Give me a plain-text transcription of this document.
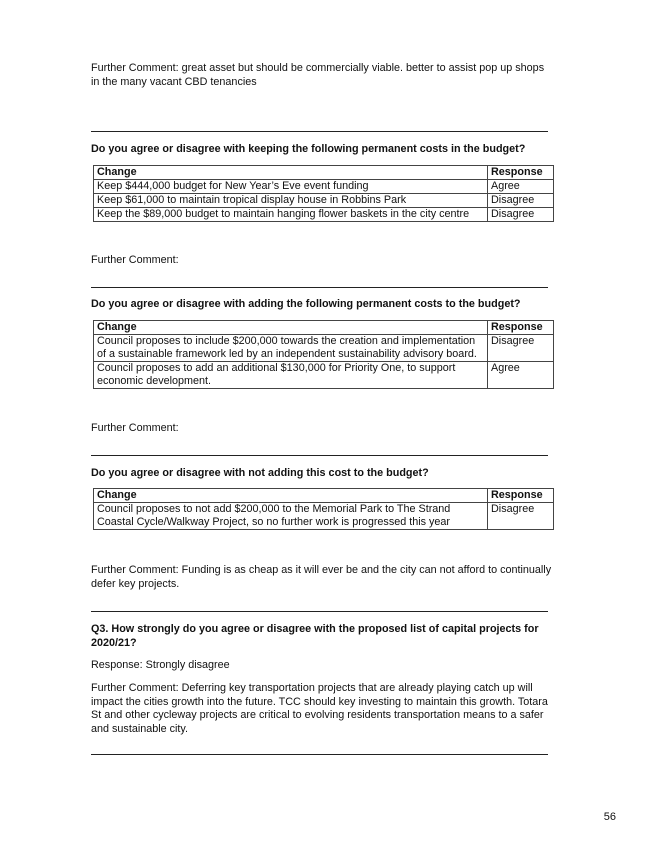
Further Comment: great asset but should be commercially viable. better to assist pop up shops in the many vacant CBD tenancies

Do you agree or disagree with keeping the following permanent costs in the budget?

Change	Response
Keep $444,000 budget for New Year’s Eve event funding	Agree
Keep $61,000 to maintain tropical display house in Robbins Park	Disagree
Keep the $89,000 budget to maintain hanging flower baskets in the city centre	Disagree

Further Comment:

Do you agree or disagree with adding the following permanent costs to the budget?

Change	Response
Council proposes to include $200,000 towards the creation and implementation of a sustainable framework led by an independent sustainability advisory board.	Disagree
Council proposes to add an additional $130,000 for Priority One, to support economic development.	Agree

Further Comment:

Do you agree or disagree with not adding this cost to the budget?

Change	Response
Council proposes to not add $200,000 to the Memorial Park to The Strand Coastal Cycle/Walkway Project, so no further work is progressed this year	Disagree

Further Comment: Funding is as cheap as it will ever be and the city can not afford to continually defer key projects.

Q3. How strongly do you agree or disagree with the proposed list of capital projects for 2020/21?

Response: Strongly disagree

Further Comment: Deferring key transportation projects that are already playing catch up will impact the cities growth into the future. TCC should key investing to maintain this growth. Totara St and other cycleway projects are critical to evolving residents transportation means to a safer and sustainable city.

56
